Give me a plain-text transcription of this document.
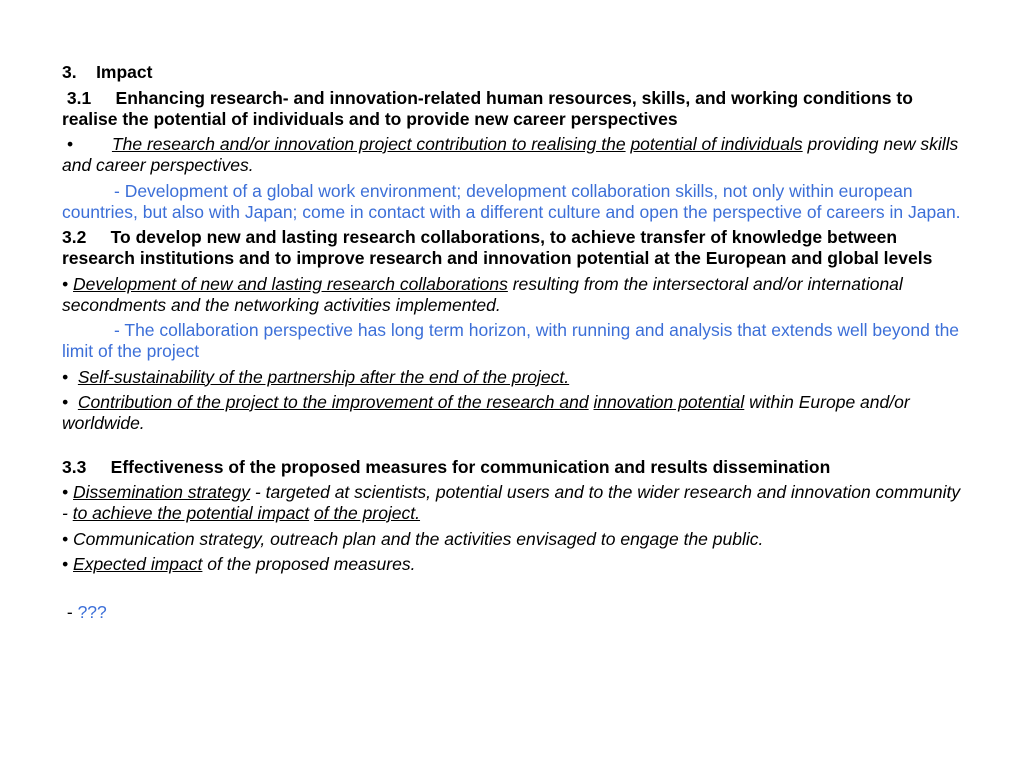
3. Impact

3.1 Enhancing research- and innovation-related human resources, skills, and working conditions to realise the potential of individuals and to provide new career perspectives

• The research and/or innovation project contribution to realising the potential of individuals providing new skills and career perspectives.

- Development of a global work environment; development collaboration skills, not only within european countries, but also with Japan; come in contact with a different culture and open the perspective of careers in Japan.

3.2 To develop new and lasting research collaborations, to achieve transfer of knowledge between research institutions and to improve research and innovation potential at the European and global levels

• Development of new and lasting research collaborations resulting from the intersectoral and/or international secondments and the networking activities implemented.

- The collaboration perspective has long term horizon, with running and analysis that extends well beyond the limit of the project

• Self-sustainability of the partnership after the end of the project.

• Contribution of the project to the improvement of the research and innovation potential within Europe and/or worldwide.

3.3 Effectiveness of the proposed measures for communication and results dissemination

• Dissemination strategy - targeted at scientists, potential users and to the wider research and innovation community - to achieve the potential impact of the project.

• Communication strategy, outreach plan and the activities envisaged to engage the public.

• Expected impact of the proposed measures.

- ???
